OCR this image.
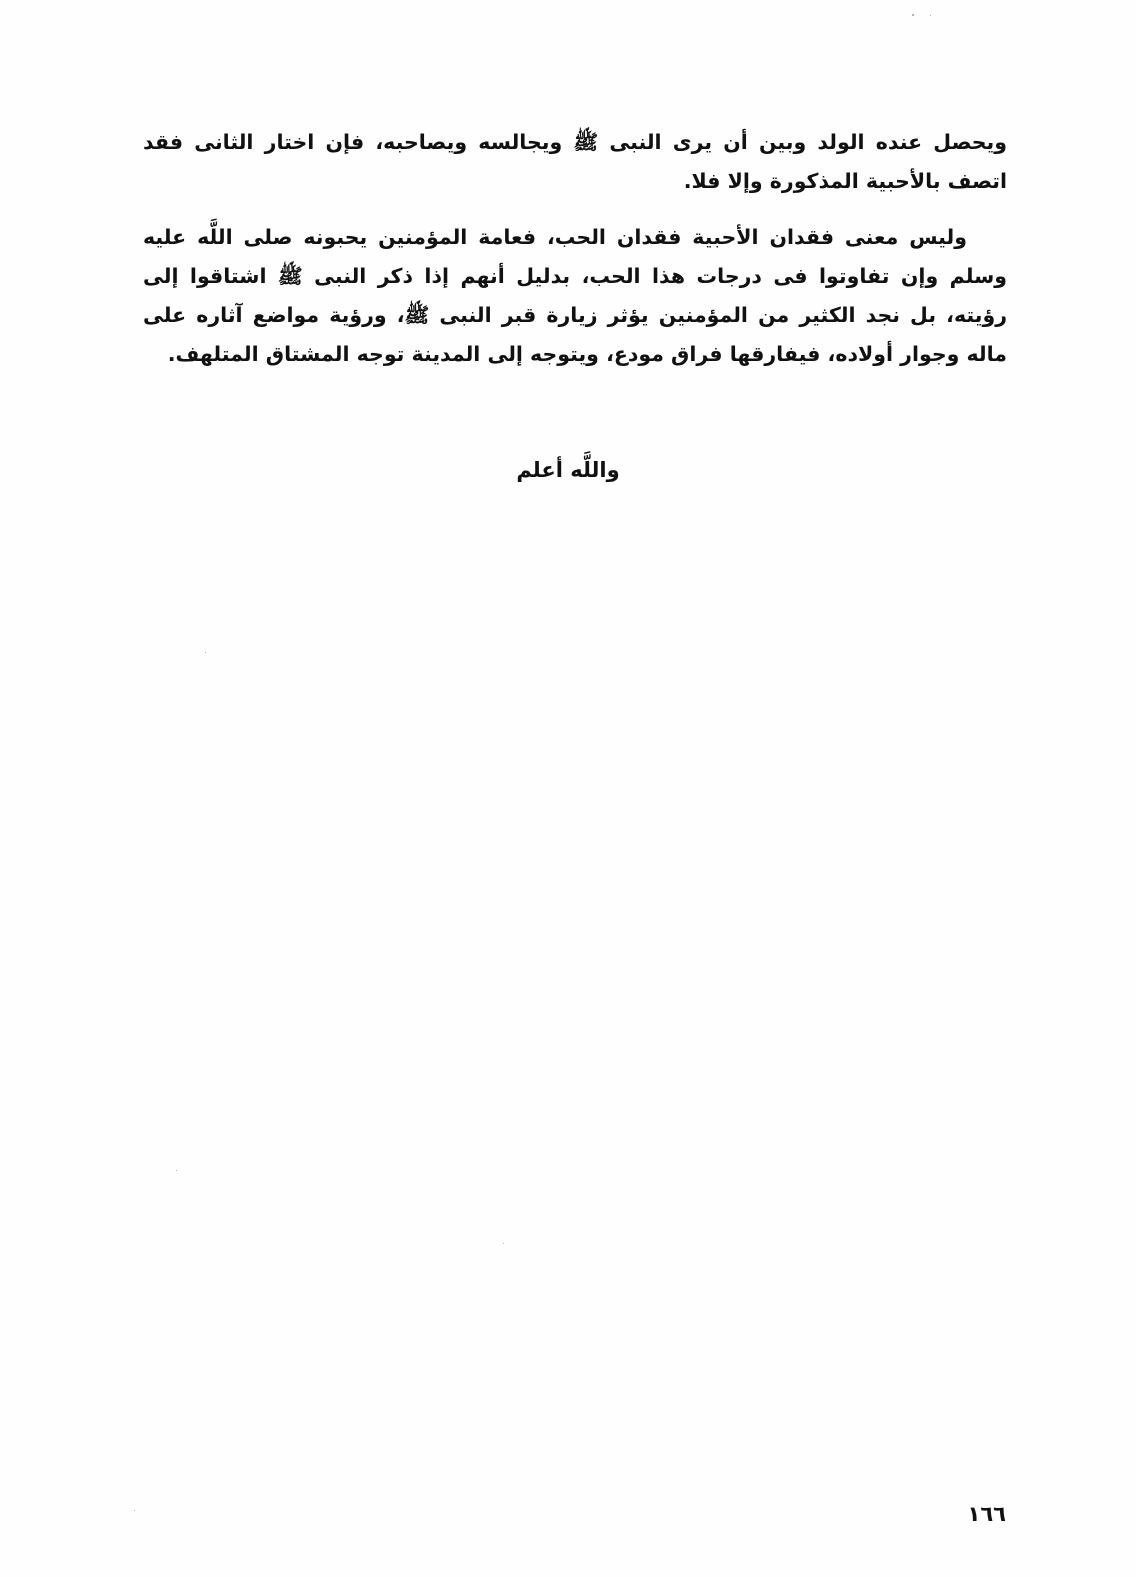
ويحصل عنده الولد وبين أن يرى النبى ﷺ ويجالسه ويصاحبه، فإن اختار الثانى فقد اتصف بالأحبية المذكورة وإلا فلا.

وليس معنى فقدان الأحبية فقدان الحب، فعامة المؤمنين يحبونه صلى اللَّه عليه وسلم وإن تفاوتوا فى درجات هذا الحب، بدليل أنهم إذا ذكر النبى ﷺ اشتاقوا إلى رؤيته، بل نجد الكثير من المؤمنين يؤثر زيارة قبر النبى ﷺ، ورؤية مواضع آثاره على ماله وجوار أولاده، فيفارقها فراق مودع، ويتوجه إلى المدينة توجه المشتاق المتلهف.

واللَّه أعلم
١٦٦
